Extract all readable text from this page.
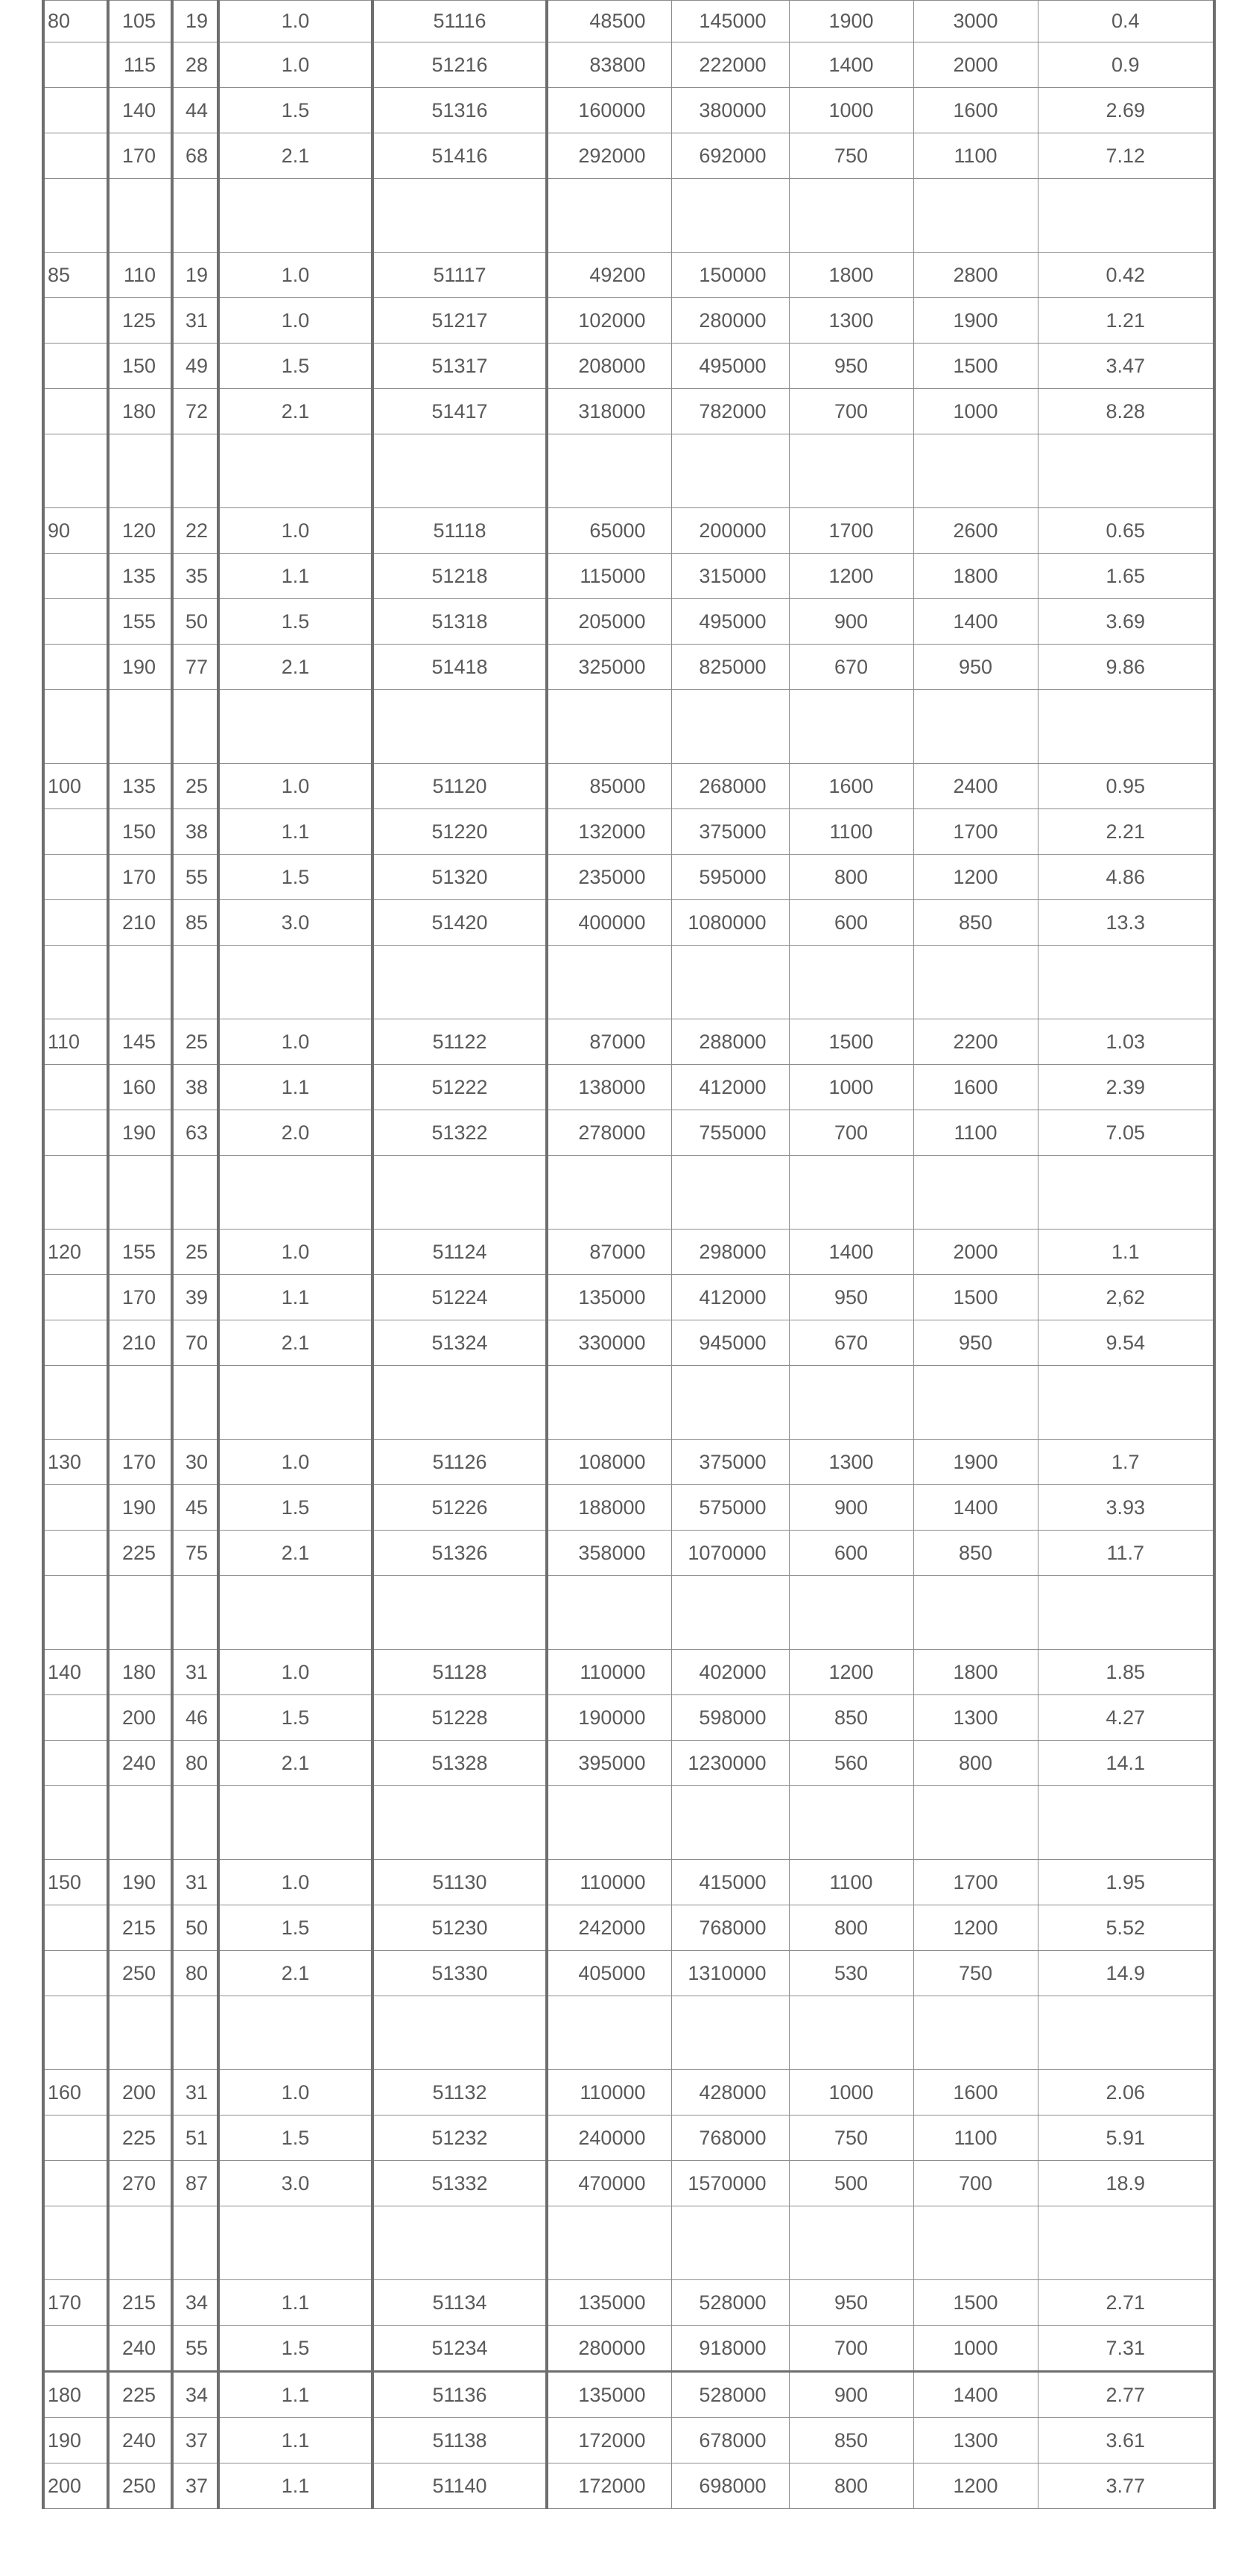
80	105	19	1.0	51116	48500	145000	1900	3000	0.4
	115	28	1.0	51216	83800	222000	1400	2000	0.9
	140	44	1.5	51316	160000	380000	1000	1600	2.69
	170	68	2.1	51416	292000	692000	750	1100	7.12

85	110	19	1.0	51117	49200	150000	1800	2800	0.42
	125	31	1.0	51217	102000	280000	1300	1900	1.21
	150	49	1.5	51317	208000	495000	950	1500	3.47
	180	72	2.1	51417	318000	782000	700	1000	8.28

90	120	22	1.0	51118	65000	200000	1700	2600	0.65
	135	35	1.1	51218	115000	315000	1200	1800	1.65
	155	50	1.5	51318	205000	495000	900	1400	3.69
	190	77	2.1	51418	325000	825000	670	950	9.86

100	135	25	1.0	51120	85000	268000	1600	2400	0.95
	150	38	1.1	51220	132000	375000	1100	1700	2.21
	170	55	1.5	51320	235000	595000	800	1200	4.86
	210	85	3.0	51420	400000	1080000	600	850	13.3

110	145	25	1.0	51122	87000	288000	1500	2200	1.03
	160	38	1.1	51222	138000	412000	1000	1600	2.39
	190	63	2.0	51322	278000	755000	700	1100	7.05

120	155	25	1.0	51124	87000	298000	1400	2000	1.1
	170	39	1.1	51224	135000	412000	950	1500	2,62
	210	70	2.1	51324	330000	945000	670	950	9.54

130	170	30	1.0	51126	108000	375000	1300	1900	1.7
	190	45	1.5	51226	188000	575000	900	1400	3.93
	225	75	2.1	51326	358000	1070000	600	850	11.7

140	180	31	1.0	51128	110000	402000	1200	1800	1.85
	200	46	1.5	51228	190000	598000	850	1300	4.27
	240	80	2.1	51328	395000	1230000	560	800	14.1

150	190	31	1.0	51130	110000	415000	1100	1700	1.95
	215	50	1.5	51230	242000	768000	800	1200	5.52
	250	80	2.1	51330	405000	1310000	530	750	14.9

160	200	31	1.0	51132	110000	428000	1000	1600	2.06
	225	51	1.5	51232	240000	768000	750	1100	5.91
	270	87	3.0	51332	470000	1570000	500	700	18.9

170	215	34	1.1	51134	135000	528000	950	1500	2.71
	240	55	1.5	51234	280000	918000	700	1000	7.31
180	225	34	1.1	51136	135000	528000	900	1400	2.77
190	240	37	1.1	51138	172000	678000	850	1300	3.61
200	250	37	1.1	51140	172000	698000	800	1200	3.77
